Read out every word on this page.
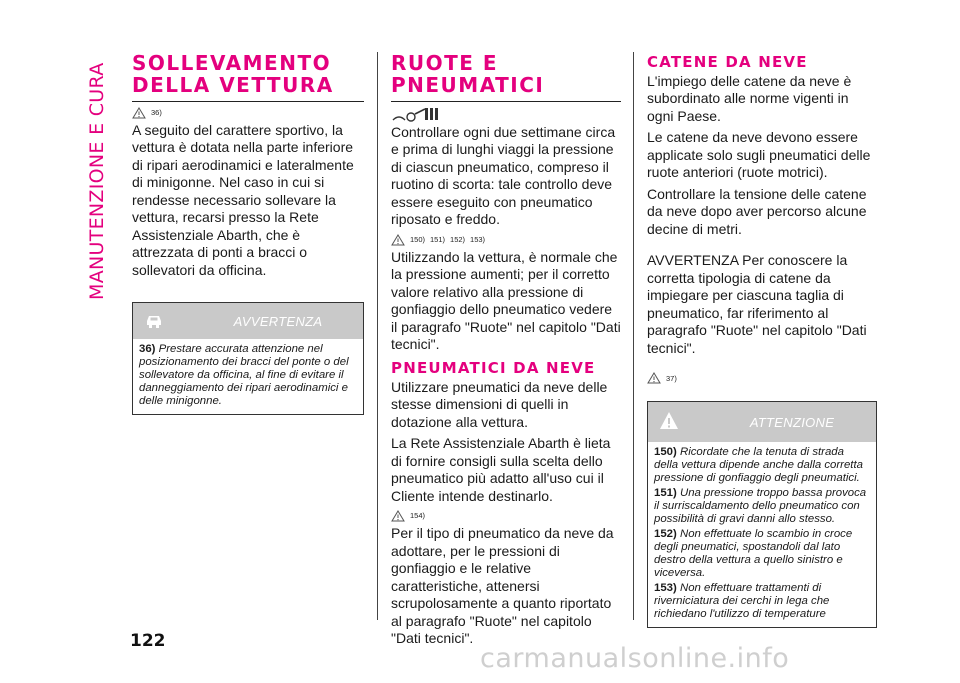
MANUTENZIONE E CURA SOLLEVAMENTO
DELLA VETTURA
36)

A seguito del carattere sportivo, la vettura è dotata nella parte inferiore di ripari aerodinamici e lateralmente di minigonne. Nel caso in cui si rendesse necessario sollevare la vettura, recarsi presso la Rete Assistenziale Abarth, che è attrezzata di ponti a bracci o sollevatori da officina.

AVVERTENZA

36) Prestare accurata attenzione nel posizionamento dei bracci del ponte o del sollevatore da officina, al fine di evitare il danneggiamento dei ripari aerodinamici e delle minigonne.

RUOTE E
PNEUMATICI

Controllare ogni due settimane circa e prima di lunghi viaggi la pressione di ciascun pneumatico, compreso il ruotino di scorta: tale controllo deve essere eseguito con pneumatico riposato e freddo.

150) 151) 152) 153)

Utilizzando la vettura, è normale che la pressione aumenti; per il corretto valore relativo alla pressione di gonfiaggio dello pneumatico vedere il paragrafo "Ruote" nel capitolo "Dati tecnici".

PNEUMATICI DA NEVE

Utilizzare pneumatici da neve delle stesse dimensioni di quelli in dotazione alla vettura.

La Rete Assistenziale Abarth è lieta di fornire consigli sulla scelta dello pneumatico più adatto all'uso cui il Cliente intende destinarlo.

154)

Per il tipo di pneumatico da neve da adottare, per le pressioni di gonfiaggio e le relative caratteristiche, attenersi scrupolosamente a quanto riportato al paragrafo "Ruote" nel capitolo "Dati tecnici".

CATENE DA NEVE

L'impiego delle catene da neve è subordinato alle norme vigenti in ogni Paese.

Le catene da neve devono essere applicate solo sugli pneumatici delle ruote anteriori (ruote motrici).

Controllare la tensione delle catene da neve dopo aver percorso alcune decine di metri.

AVVERTENZA Per conoscere la corretta tipologia di catene da impiegare per ciascuna taglia di pneumatico, far riferimento al paragrafo "Ruote" nel capitolo "Dati tecnici".

37)
ATTENZIONE

150) Ricordate che la tenuta di strada della vettura dipende anche dalla corretta pressione di gonfiaggio degli pneumatici.

151) Una pressione troppo bassa provoca il surriscaldamento dello pneumatico con possibilità di gravi danni allo stesso.

152) Non effettuate lo scambio in croce degli pneumatici, spostandoli dal lato destro della vettura a quello sinistro e viceversa.

153) Non effettuare trattamenti di riverniciatura dei cerchi in lega che richiedano l'utilizzo di temperature

122
carmanualsonline.info
